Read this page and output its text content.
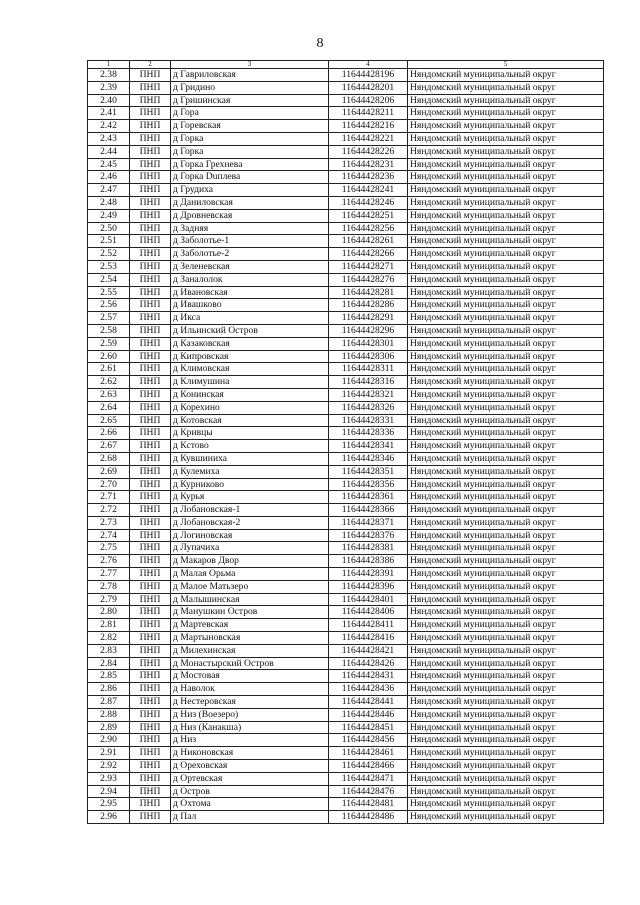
8
1	2	3	4	5
2.38	ПНП	д Гавриловская	11644428196	Няндомский муниципальный округ
2.39	ПНП	д Гридино	11644428201	Няндомский муниципальный округ
2.40	ПНП	д Гришинская	11644428206	Няндомский муниципальный округ
2.41	ПНП	д Гора	11644428211	Няндомский муниципальный округ
2.42	ПНП	д Горевская	11644428216	Няндомский муниципальный округ
2.43	ПНП	д Горка	11644428221	Няндомский муниципальный округ
2.44	ПНП	д Горка	11644428226	Няндомский муниципальный округ
2.45	ПНП	д Горка Грехнева	11644428231	Няндомский муниципальный округ
2.46	ПНП	д Горка Duплева	11644428236	Няндомский муниципальный округ
2.47	ПНП	д Грудиха	11644428241	Няндомский муниципальный округ
2.48	ПНП	д Даниловская	11644428246	Няндомский муниципальный округ
2.49	ПНП	д Дровневская	11644428251	Няндомский муниципальный округ
2.50	ПНП	д Задняя	11644428256	Няндомский муниципальный округ
2.51	ПНП	д Заболотье-1	11644428261	Няндомский муниципальный округ
2.52	ПНП	д Заболотье-2	11644428266	Няндомский муниципальный округ
2.53	ПНП	д Зеленевская	11644428271	Няндомский муниципальный округ
2.54	ПНП	д Заналолок	11644428276	Няндомский муниципальный округ
2.55	ПНП	д Ивановская	11644428281	Няндомский муниципальный округ
2.56	ПНП	д Ивашково	11644428286	Няндомский муниципальный округ
2.57	ПНП	д Икса	11644428291	Няндомский муниципальный округ
2.58	ПНП	д Ильинский Остров	11644428296	Няндомский муниципальный округ
2.59	ПНП	д Казаковская	11644428301	Няндомский муниципальный округ
2.60	ПНП	д Кипровская	11644428306	Няндомский муниципальный округ
2.61	ПНП	д Климовская	11644428311	Няндомский муниципальный округ
2.62	ПНП	д Климушина	11644428316	Няндомский муниципальный округ
2.63	ПНП	д Конинская	11644428321	Няндомский муниципальный округ
2.64	ПНП	д Корехино	11644428326	Няндомский муниципальный округ
2.65	ПНП	д Котовская	11644428331	Няндомский муниципальный округ
2.66	ПНП	д Кривцы	11644428336	Няндомский муниципальный округ
2.67	ПНП	д Кстово	11644428341	Няндомский муниципальный округ
2.68	ПНП	д Кувшиниха	11644428346	Няндомский муниципальный округ
2.69	ПНП	д Кулемиха	11644428351	Няндомский муниципальный округ
2.70	ПНП	д Курниково	11644428356	Няндомский муниципальный округ
2.71	ПНП	д Курья	11644428361	Няндомский муниципальный округ
2.72	ПНП	д Лобановская-1	11644428366	Няндомский муниципальный округ
2.73	ПНП	д Лобановская-2	11644428371	Няндомский муниципальный округ
2.74	ПНП	д Логиновская	11644428376	Няндомский муниципальный округ
2.75	ПНП	д Лупачиха	11644428381	Няндомский муниципальный округ
2.76	ПНП	д Макаров Двор	11644428386	Няндомский муниципальный округ
2.77	ПНП	д Малая Орьма	11644428391	Няндомский муниципальный округ
2.78	ПНП	д Малое Матьзеро	11644428396	Няндомский муниципальный округ
2.79	ПНП	д Малышинская	11644428401	Няндомский муниципальный округ
2.80	ПНП	д Манушкин Остров	11644428406	Няндомский муниципальный округ
2.81	ПНП	д Мартевская	11644428411	Няндомский муниципальный округ
2.82	ПНП	д Мартыновская	11644428416	Няндомский муниципальный округ
2.83	ПНП	д Милехинская	11644428421	Няндомский муниципальный округ
2.84	ПНП	д Монастырский Остров	11644428426	Няндомский муниципальный округ
2.85	ПНП	д Мостовая	11644428431	Няндомский муниципальный округ
2.86	ПНП	д Наволок	11644428436	Няндомский муниципальный округ
2.87	ПНП	д Нестеровская	11644428441	Няндомский муниципальный округ
2.88	ПНП	д Низ (Воезеро)	11644428446	Няндомский муниципальный округ
2.89	ПНП	д Низ (Канакша)	11644428451	Няндомский муниципальный округ
2.90	ПНП	д Низ	11644428456	Няндомский муниципальный округ
2.91	ПНП	д Никоновская	11644428461	Няндомский муниципальный округ
2.92	ПНП	д Ореховская	11644428466	Няндомский муниципальный округ
2.93	ПНП	д Ортевская	11644428471	Няндомский муниципальный округ
2.94	ПНП	д Остров	11644428476	Няндомский муниципальный округ
2.95	ПНП	д Охтома	11644428481	Няндомский муниципальный округ
2.96	ПНП	д Пал	11644428486	Няндомский муниципальный округ
